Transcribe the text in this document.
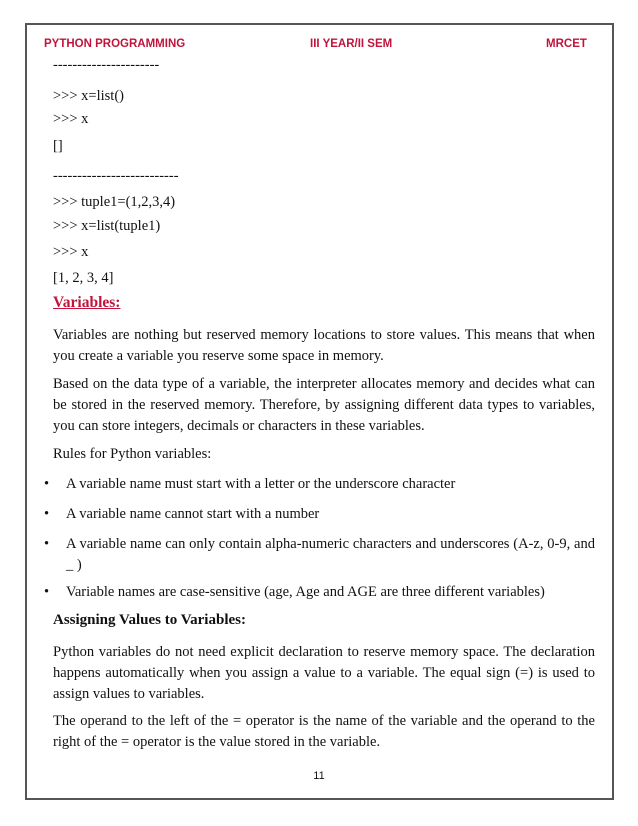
PYTHON PROGRAMMING	III YEAR/II SEM	MRCET
----------------------
>>> x=list()
>>> x
[]
--------------------------
>>> tuple1=(1,2,3,4)
>>> x=list(tuple1)
>>> x
[1, 2, 3, 4]
Variables:
Variables are nothing but reserved memory locations to store values. This means that when you create a variable you reserve some space in memory.
Based on the data type of a variable, the interpreter allocates memory and decides what can be stored in the reserved memory. Therefore, by assigning different data types to variables, you can store integers, decimals or characters in these variables.
Rules for Python variables:
• A variable name must start with a letter or the underscore character
• A variable name cannot start with a number
• A variable name can only contain alpha-numeric characters and underscores (A-z, 0-9, and _ )
• Variable names are case-sensitive (age, Age and AGE are three different variables)
Assigning Values to Variables:
Python variables do not need explicit declaration to reserve memory space. The declaration happens automatically when you assign a value to a variable. The equal sign (=) is used to assign values to variables.
The operand to the left of the = operator is the name of the variable and the operand to the right of the = operator is the value stored in the variable.
11
